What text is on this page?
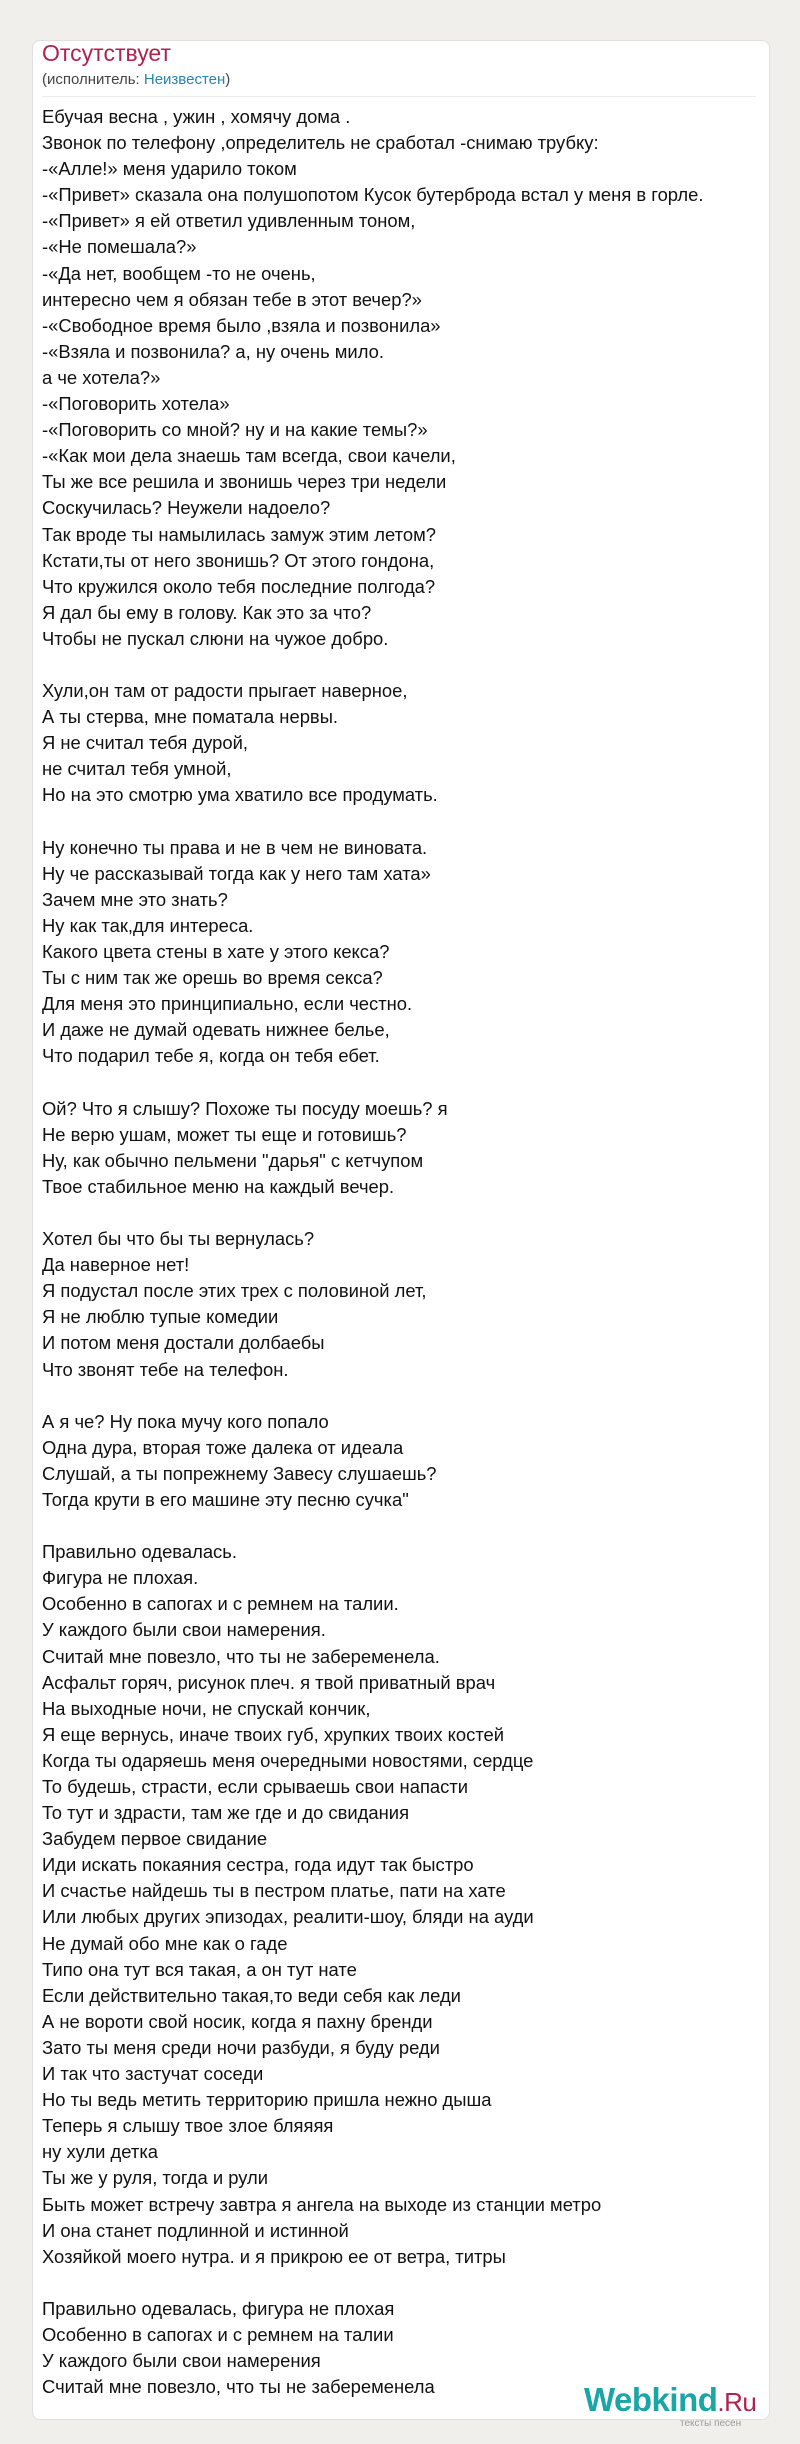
Отсутствует
(исполнитель: Неизвестен)
Ебучая весна , ужин , хомячу дома .
Звонок по телефону ,определитель не сработал -снимаю трубку:
-«Алле!» меня ударило током
-«Привет» сказала она полушопотом Кусок бутерброда встал у меня в горле.
-«Привет» я ей ответил удивленным тоном,
-«Не помешала?»
-«Да нет, вообщем -то не очень,
интересно чем я обязан тебе в этот вечер?»
-«Свободное время было ,взяла и позвонила»
-«Взяла и позвонила? а, ну очень мило.
а че хотела?»
-«Поговорить хотела»
-«Поговорить со мной? ну и на какие темы?»
-«Как мои дела знаешь там всегда, свои качели,
Ты же все решила и звонишь через три недели
Соскучилась? Неужели надоело?
Так вроде ты намылилась замуж этим летом?
Кстати,ты от него звонишь? От этого гондона,
Что кружился около тебя последние полгода?
Я дал бы ему в голову. Как это за что?
Чтобы не пускал слюни на чужое добро.
Хули,он там от радости прыгает наверное,
А ты стерва, мне поматала нервы.
Я не считал тебя дурой,
не считал тебя умной,
Но на это смотрю ума хватило все продумать.
Ну конечно ты права и не в чем не виновата.
Ну че рассказывай тогда как у него там хата»
Зачем мне это знать?
Ну как так,для интереса.
Какого цвета стены в хате у этого кекса?
Ты с ним так же орешь во время секса?
Для меня это принципиально, если честно.
И даже не думай одевать нижнее белье,
Что подарил тебе я, когда он тебя ебет.
Ой? Что я слышу? Похоже ты посуду моешь? я
Не верю ушам, может ты еще и готовишь?
Ну, как обычно пельмени "дарья" с кетчупом
Твое стабильное меню на каждый вечер.
Хотел бы что бы ты вернулась?
Да наверное нет!
Я подустал после этих трех с половиной лет,
Я не люблю тупые комедии
И потом меня достали долбаебы
Что звонят тебе на телефон.
А я че? Ну пока мучу кого попало
Одна дура, вторая тоже далека от идеала
Слушай, а ты попрежнему Завесу слушаешь?
Тогда крути в его машине эту песню сучка"
Правильно одевалась.
Фигура не плохая.
Особенно в сапогах и с ремнем на талии.
У каждого были свои намерения.
Считай мне повезло, что ты не забеременела.
Асфальт горяч, рисунок плеч. я твой приватный врач
На выходные ночи, не спускай кончик,
Я еще вернусь, иначе твоих губ, хрупких твоих костей
Когда ты одаряешь меня очередными новостями, сердце
То будешь, страсти, если срываешь свои напасти
То тут и здрасти, там же где и до свидания
Забудем первое свидание
Иди искать покаяния сестра, года идут так быстро
И счастье найдешь ты в пестром платье, пати на хате
Или любых других эпизодах, реалити-шоу, бляди на ауди
Не думай обо мне как о гаде
Типо она тут вся такая, а он тут нате
Если действительно такая,то веди себя как леди
А не вороти свой носик, когда я пахну бренди
Зато ты меня среди ночи разбуди, я буду реди
И так что застучат соседи
Но ты ведь метить территорию пришла нежно дыша
Теперь я слышу твое злое бляяяя
ну хули детка
Ты же у руля, тогда и рули
Быть может встречу завтра я ангела на выходе из станции метро
И она станет подлинной и истинной
Хозяйкой моего нутра. и я прикрою ее от ветра, титры
Правильно одевалась, фигура не плохая
Особенно в сапогах и с ремнем на талии
У каждого были свои намерения
Считай мне повезло, что ты не забеременела	Webkind.Ru
тексты песен
